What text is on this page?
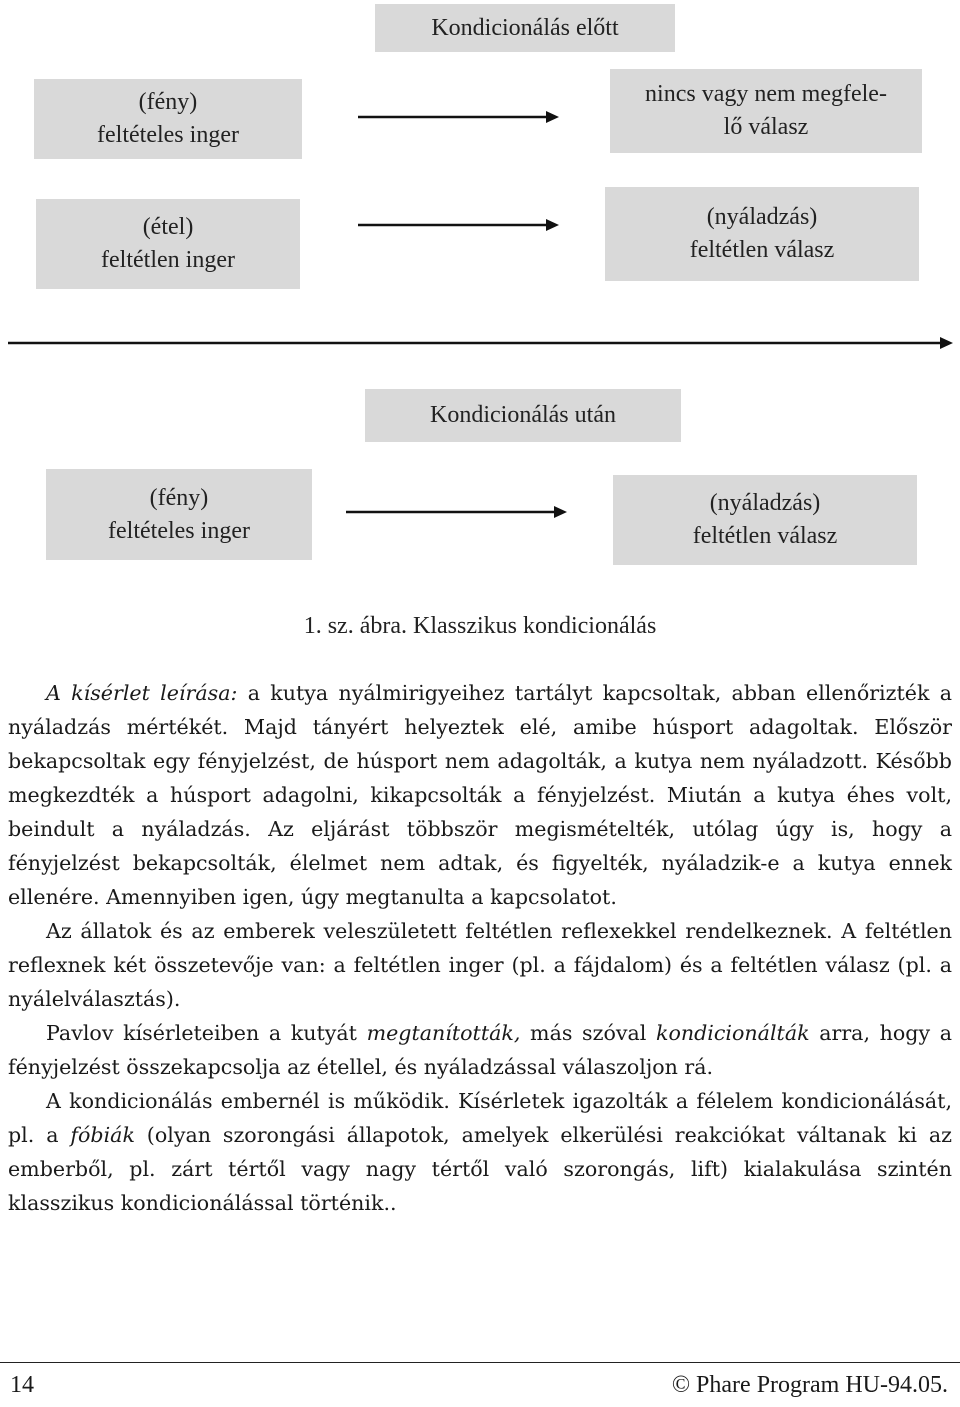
Kondicionálás előtt
(fény)
feltételes inger
nincs vagy nem megfele-
lő válasz
(étel)
feltétlen inger
(nyáladzás)
feltétlen válasz
Kondicionálás után
(fény)
feltételes inger
(nyáladzás)
feltétlen válasz
1. sz. ábra. Klasszikus kondicionálás

A kísérlet leírása: a kutya nyálmirigyeihez tartályt kapcsoltak, abban ellenőrizték a nyáladzás mértékét. Majd tányért helyeztek elé, amibe húsport adagoltak. Először bekapcsoltak egy fényjelzést, de húsport nem adagolták, a kutya nem nyáladzott. Később megkezdték a húsport adagolni, kikapcsolták a fényjelzést. Miután a kutya éhes volt, beindult a nyáladzás. Az eljárást többször megismételték, utólag úgy is, hogy a fényjelzést bekapcsolták, élelmet nem adtak, és figyelték, nyáladzik-e a kutya ennek ellenére. Amennyiben igen, úgy megtanulta a kapcsolatot.

Az állatok és az emberek veleszületett feltétlen reflexekkel rendelkeznek. A feltétlen reflexnek két összetevője van: a feltétlen inger (pl. a fájdalom) és a feltétlen válasz (pl. a nyálelválasztás).

Pavlov kísérleteiben a kutyát megtanították, más szóval kondicionálták arra, hogy a fényjelzést összekapcsolja az étellel, és nyáladzással válaszoljon rá.

A kondicionálás embernél is működik. Kísérletek igazolták a félelem kondicionálását, pl. a fóbiák (olyan szorongási állapotok, amelyek elkerülési reakciókat váltanak ki az emberből, pl. zárt tértől vagy nagy tértől való szorongás, lift) kialakulása szintén klasszikus kondicionálással történik..

14	© Phare Program HU-94.05.
